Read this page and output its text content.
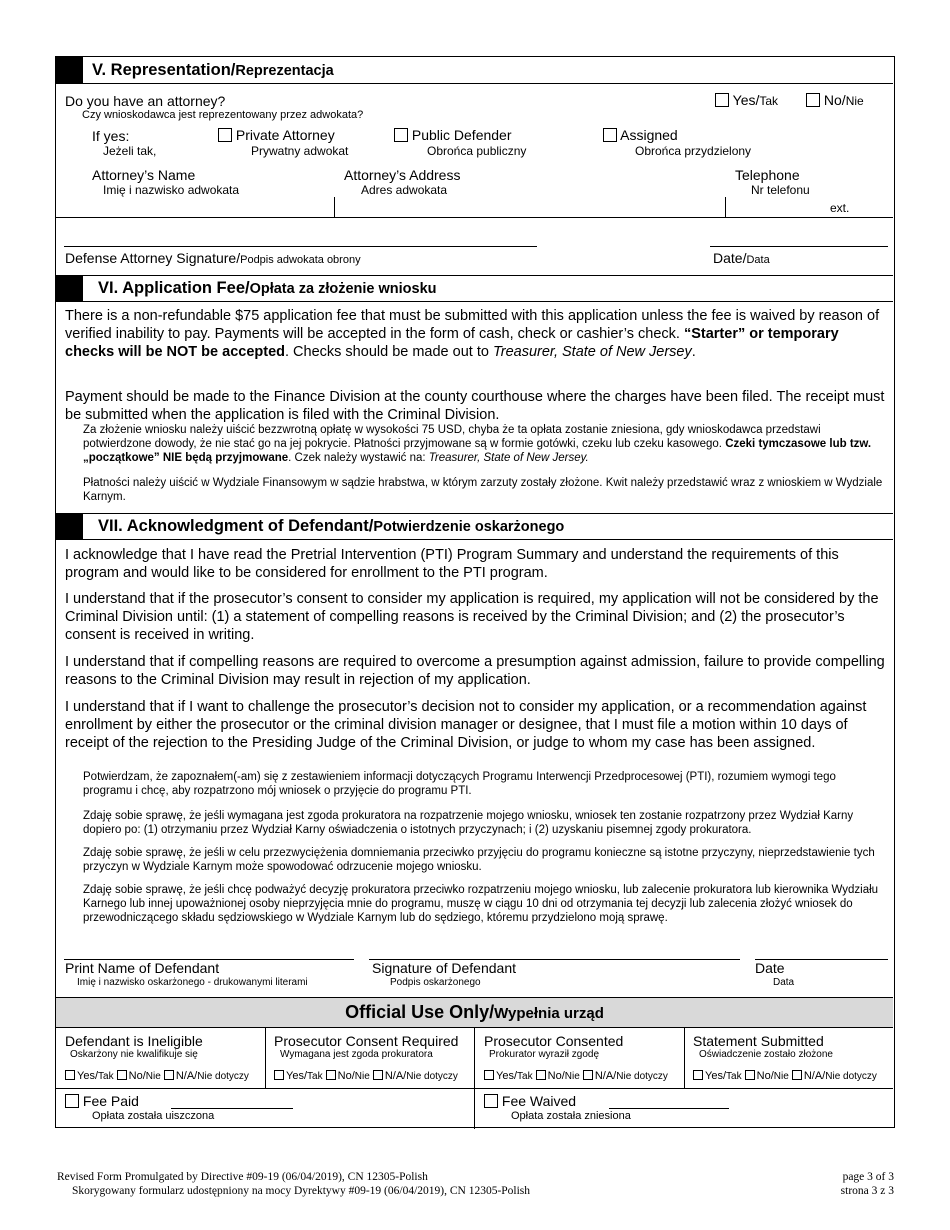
V. Representation/Reprezentacja
Do you have an attorney?
Czy wnioskodawca jest reprezentowany przez adwokata?
Yes/Tak	No/Nie
If yes:
Jeżeli tak,
Private Attorney
Prywatny adwokat
Public Defender
Obrońca publiczny
Assigned
Obrońca przydzielony
Attorney’s Name
Imię i nazwisko adwokata
Attorney’s Address
Adres adwokata
Telephone
Nr telefonu
ext.
Defense Attorney Signature/Podpis adwokata obrony	Date/Data
VI. Application Fee/Opłata za złożenie wniosku
There is a non-refundable $75 application fee that must be submitted with this application unless the fee is waived by reason of verified inability to pay. Payments will be accepted in the form of cash, check or cashier’s check. “Starter” or temporary checks will be NOT be accepted. Checks should be made out to Treasurer, State of New Jersey.
Payment should be made to the Finance Division at the county courthouse where the charges have been filed. The receipt must be submitted when the application is filed with the Criminal Division.
Za złożenie wniosku należy uiścić bezzwrotną opłatę w wysokości 75 USD, chyba że ta opłata zostanie zniesiona, gdy wnioskodawca przedstawi potwierdzone dowody, że nie stać go na jej pokrycie. Płatności przyjmowane są w formie gotówki, czeku lub czeku kasowego. Czeki tymczasowe lub tzw. „początkowe” NIE będą przyjmowane. Czek należy wystawić na: Treasurer, State of New Jersey.
Płatności należy uiścić w Wydziale Finansowym w sądzie hrabstwa, w którym zarzuty zostały złożone. Kwit należy przedstawić wraz z wnioskiem w Wydziale Karnym.
VII. Acknowledgment of Defendant/Potwierdzenie oskarżonego
I acknowledge that I have read the Pretrial Intervention (PTI) Program Summary and understand the requirements of this program and would like to be considered for enrollment to the PTI program.
I understand that if the prosecutor’s consent to consider my application is required, my application will not be considered by the Criminal Division until: (1) a statement of compelling reasons is received by the Criminal Division; and (2) the prosecutor’s consent is received in writing.
I understand that if compelling reasons are required to overcome a presumption against admission, failure to provide compelling reasons to the Criminal Division may result in rejection of my application.
I understand that if I want to challenge the prosecutor’s decision not to consider my application, or a recommendation against enrollment by either the prosecutor or the criminal division manager or designee, that I must file a motion within 10 days of receipt of the rejection to the Presiding Judge of the Criminal Division, or judge to whom my case has been assigned.
Potwierdzam, że zapoznałem(-am) się z zestawieniem informacji dotyczących Programu Interwencji Przedprocesowej (PTI), rozumiem wymogi tego programu i chcę, aby rozpatrzono mój wniosek o przyjęcie do programu PTI.
Zdaję sobie sprawę, że jeśli wymagana jest zgoda prokuratora na rozpatrzenie mojego wniosku, wniosek ten zostanie rozpatrzony przez Wydział Karny dopiero po: (1) otrzymaniu przez Wydział Karny oświadczenia o istotnych przyczynach; i (2) uzyskaniu pisemnej zgody prokuratora.
Zdaję sobie sprawę, że jeśli w celu przezwyciężenia domniemania przeciwko przyjęciu do programu konieczne są istotne przyczyny, nieprzedstawienie tych przyczyn w Wydziale Karnym może spowodować odrzucenie mojego wniosku.
Zdaję sobie sprawę, że jeśli chcę podważyć decyzję prokuratora przeciwko rozpatrzeniu mojego wniosku, lub zalecenie prokuratora lub kierownika Wydziału Karnego lub innej upoważnionej osoby nieprzyjęcia mnie do programu, muszę w ciągu 10 dni od otrzymania tej decyzji lub zalecenia złożyć wniosek do przewodniczącego składu sędziowskiego w Wydziale Karnym lub do sędziego, któremu przydzielono moją sprawę.
Print Name of Defendant
Imię i nazwisko oskarżonego - drukowanymi literami
Signature of Defendant
Podpis oskarżonego
Date
Data
Official Use Only/Wypełnia urząd
Defendant is Ineligible
Oskarżony nie kwalifikuje się
Yes/Tak No/Nie N/A/Nie dotyczy
Prosecutor Consent Required
Wymagana jest zgoda prokuratora
Yes/Tak No/Nie N/A/Nie dotyczy
Prosecutor Consented
Prokurator wyraził zgodę
Yes/Tak No/Nie N/A/Nie dotyczy
Statement Submitted
Oświadczenie zostało złożone
Yes/Tak No/Nie N/A/Nie dotyczy
Fee Paid
Opłata została uiszczona
Fee Waived
Opłata została zniesiona
Revised Form Promulgated by Directive #09-19 (06/04/2019), CN 12305-Polish
Skorygowany formularz udostępniony na mocy Dyrektywy #09-19 (06/04/2019), CN 12305-Polish
page 3 of 3
strona 3 z 3
